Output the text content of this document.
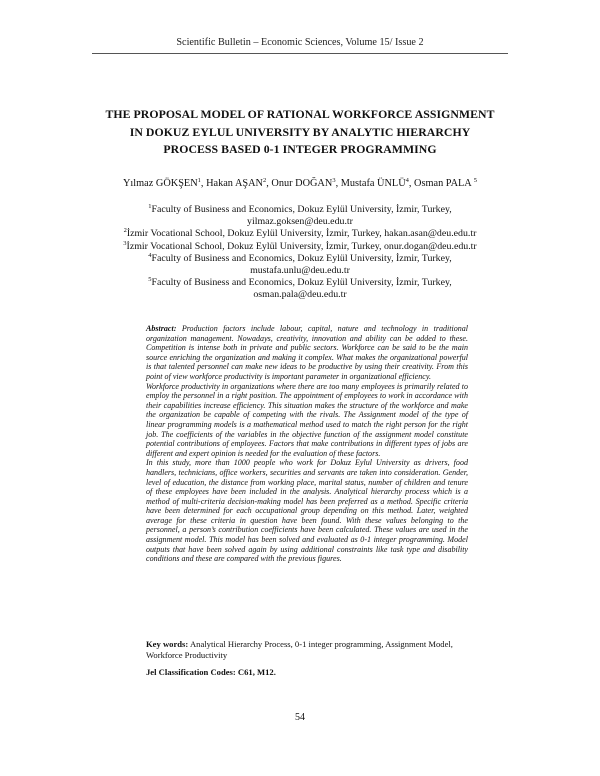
Scientific Bulletin – Economic Sciences, Volume 15/ Issue 2
THE PROPOSAL MODEL OF RATIONAL WORKFORCE ASSIGNMENT
IN DOKUZ EYLUL UNIVERSITY BY ANALYTIC HIERARCHY
PROCESS BASED 0-1 INTEGER PROGRAMMING
Yılmaz GÖKŞEN$^1$, Hakan AŞAN$^2$, Onur DOĞAN$^3$, Mustafa ÜNLÜ$^4$, Osman PALA $^5$
$^1$Faculty of Business and Economics, Dokuz Eylül University, İzmir, Turkey,
yilmaz.goksen@deu.edu.tr
$^2$İzmir Vocational School, Dokuz Eylül University, İzmir, Turkey, hakan.asan@deu.edu.tr
$^3$İzmir Vocational School, Dokuz Eylül University, İzmir, Turkey, onur.dogan@deu.edu.tr
$^4$Faculty of Business and Economics, Dokuz Eylül University, İzmir, Turkey,
mustafa.unlu@deu.edu.tr
$^5$Faculty of Business and Economics, Dokuz Eylül University, İzmir, Turkey,
osman.pala@deu.edu.tr

Abstract: Production factors include labour, capital, nature and technology in traditional organization management. Nowadays, creativity, innovation and ability can be added to these. Competition is intense both in private and public sectors. Workforce can be said to be the main source enriching the organization and making it complex. What makes the organizational powerful is that talented personnel can make new ideas to be productive by using their creativity. From this point of view workforce productivity is important parameter in organizational efficiency.

Workforce productivity in organizations where there are too many employees is primarily related to employ the personnel in a right position. The appointment of employees to work in accordance with their capabilities increase efficiency. This situation makes the structure of the workforce and make the organization be capable of competing with the rivals. The Assignment model of the type of linear programming models is a mathematical method used to match the right person for the right job. The coefficients of the variables in the objective function of the assignment model constitute potential contributions of employees. Factors that make contributions in different types of jobs are different and expert opinion is needed for the evaluation of these factors.

In this study, more than 1000 people who work for Dokuz Eylul University as drivers, food handlers, technicians, office workers, securities and servants are taken into consideration. Gender, level of education, the distance from working place, marital status, number of children and tenure of these employees have been included in the analysis. Analytical hierarchy process which is a method of multi-criteria decision-making model has been preferred as a method. Specific criteria have been determined for each occupational group depending on this method. Later, weighted average for these criteria in question have been found. With these values belonging to the personnel, a person’s contribution coefficients have been calculated. These values are used in the assignment model. This model has been solved and evaluated as 0-1 integer programming. Model outputs that have been solved again by using additional constraints like task type and disability conditions and these are compared with the previous figures.

Key words: Analytical Hierarchy Process, 0-1 integer programming, Assignment Model, Workforce Productivity
Jel Classification Codes: C61, M12.
54
